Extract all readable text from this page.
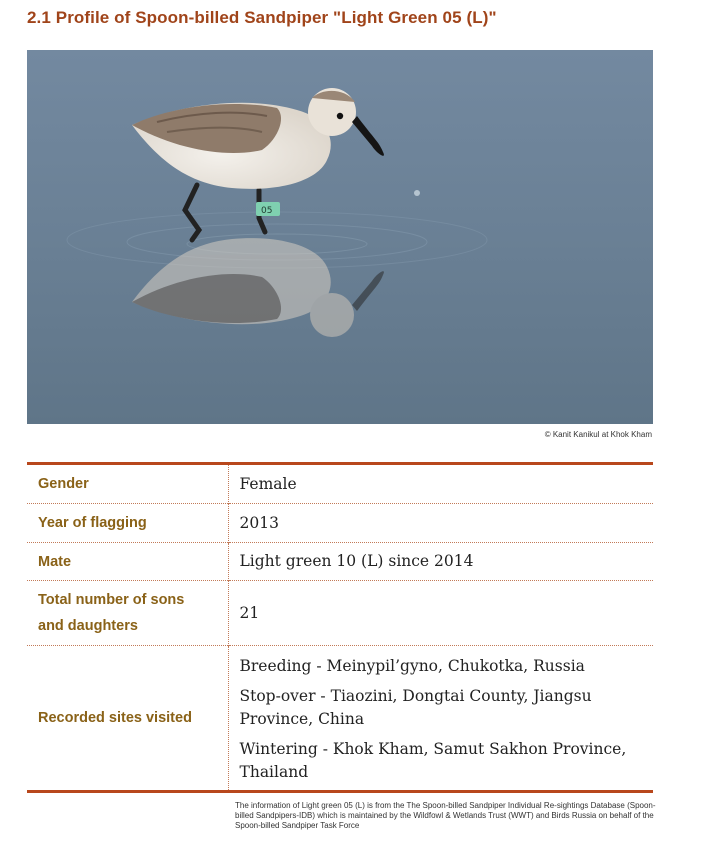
2.1 Profile of Spoon-billed Sandpiper "Light Green 05 (L)"
05
© Kanit Kanikul at Khok Kham
Gender	Female
Year of flagging	2013
Mate	Light green 10 (L) since 2014
Total number of sons
and daughters	21
Recorded sites visited	Breeding - Meinypil’gyno, Chukotka, Russia
Stop-over - Tiaozini, Dongtai County, Jiangsu Province, China
Wintering - Khok Kham, Samut Sakhon Province, Thailand
The information of Light green 05 (L) is from the The Spoon-billed Sandpiper Individual Re-sightings Database (Spoon-billed Sandpipers-IDB) which is maintained by the Wildfowl & Wetlands Trust (WWT) and Birds Russia on behalf of the Spoon-billed Sandpiper Task Force
